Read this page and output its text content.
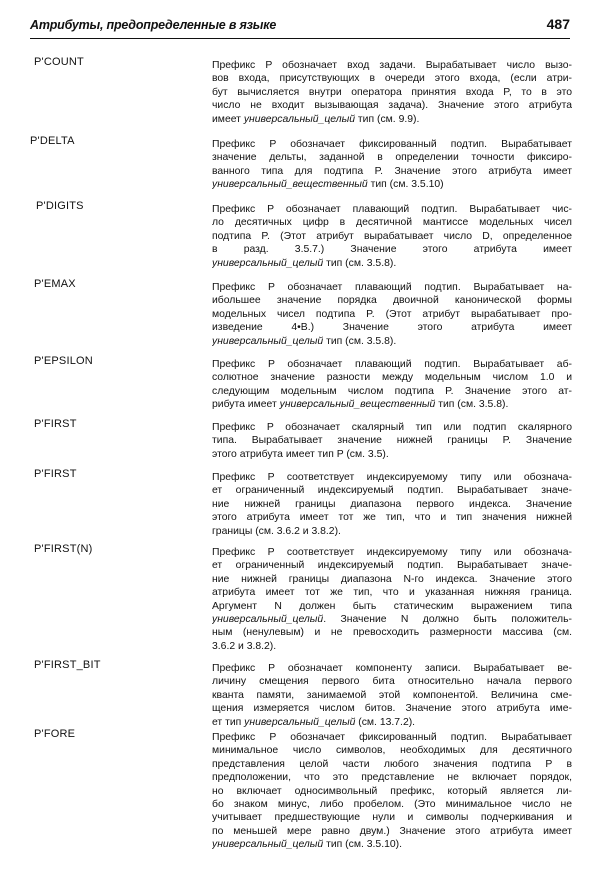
Атрибуты, предопределенные в языке	487
P'COUNT	Префикс P обозначает вход задачи. Вырабатывает число вызо-
вов входа, присутствующих в очереди этого входа, (если атри-
бут вычисляется внутри оператора принятия входа P, то в это
число не входит вызывающая задача). Значение этого атрибута
имеет универсальный_целый тип (см. 9.9).
P'DELTA	Префикс P обозначает фиксированный подтип. Вырабатывает
значение дельты, заданной в определении точности фиксиро-
ванного типа для подтипа P. Значение этого атрибута имеет
универсальный_вещественный тип (см. 3.5.10)
P'DIGITS	Префикс P обозначает плавающий подтип. Вырабатывает чис-
ло десятичных цифр в десятичной мантиссе модельных чисел
подтипа P. (Этот атрибут вырабатывает число D, определенное
в разд. 3.5.7.) Значение этого атрибута имеет
универсальный_целый тип (см. 3.5.8).
P'EMAX	Префикс P обозначает плавающий подтип. Вырабатывает на-
ибольшее значение порядка двоичной канонической формы
модельных чисел подтипа P. (Этот атрибут вырабатывает про-
изведение 4•B.) Значение этого атрибута имеет
универсальный_целый тип (см. 3.5.8).
P'EPSILON	Префикс P обозначает плавающий подтип. Вырабатывает аб-
солютное значение разности между модельным числом 1.0 и
следующим модельным числом подтипа P. Значение этого ат-
рибута имеет универсальный_вещественный тип (см. 3.5.8).
P'FIRST	Префикс P обозначает скалярный тип или подтип скалярного
типа. Вырабатывает значение нижней границы P. Значение
этого атрибута имеет тип P (см. 3.5).
P'FIRST	Префикс P соответствует индексируемому типу или обознача-
ет ограниченный индексируемый подтип. Вырабатывает значе-
ние нижней границы диапазона первого индекса. Значение
этого атрибута имеет тот же тип, что и тип значения нижней
границы (см. 3.6.2 и 3.8.2).
P'FIRST(N)	Префикс P соответствует индексируемому типу или обознача-
ет ограниченный индексируемый подтип. Вырабатывает значе-
ние нижней границы диапазона N-го индекса. Значение этого
атрибута имеет тот же тип, что и указанная нижняя граница.
Аргумент N должен быть статическим выражением типа
универсальный_целый. Значение N должно быть положитель-
ным (ненулевым) и не превосходить размерности массива (см.
3.6.2 и 3.8.2).
P'FIRST_BIT	Префикс P обозначает компоненту записи. Вырабатывает ве-
личину смещения первого бита относительно начала первого
кванта памяти, занимаемой этой компонентой. Величина сме-
щения измеряется числом битов. Значение этого атрибута име-
ет тип универсальный_целый (см. 13.7.2).
P'FORE	Префикс P обозначает фиксированный подтип. Вырабатывает
минимальное число символов, необходимых для десятичного
представления целой части любого значения подтипа P в
предположении, что это представление не включает порядок,
но включает односимвольный префикс, который является ли-
бо знаком минус, либо пробелом. (Это минимальное число не
учитывает предшествующие нули и символы подчеркивания и
по меньшей мере равно двум.) Значение этого атрибута имеет
универсальный_целый тип (см. 3.5.10).
